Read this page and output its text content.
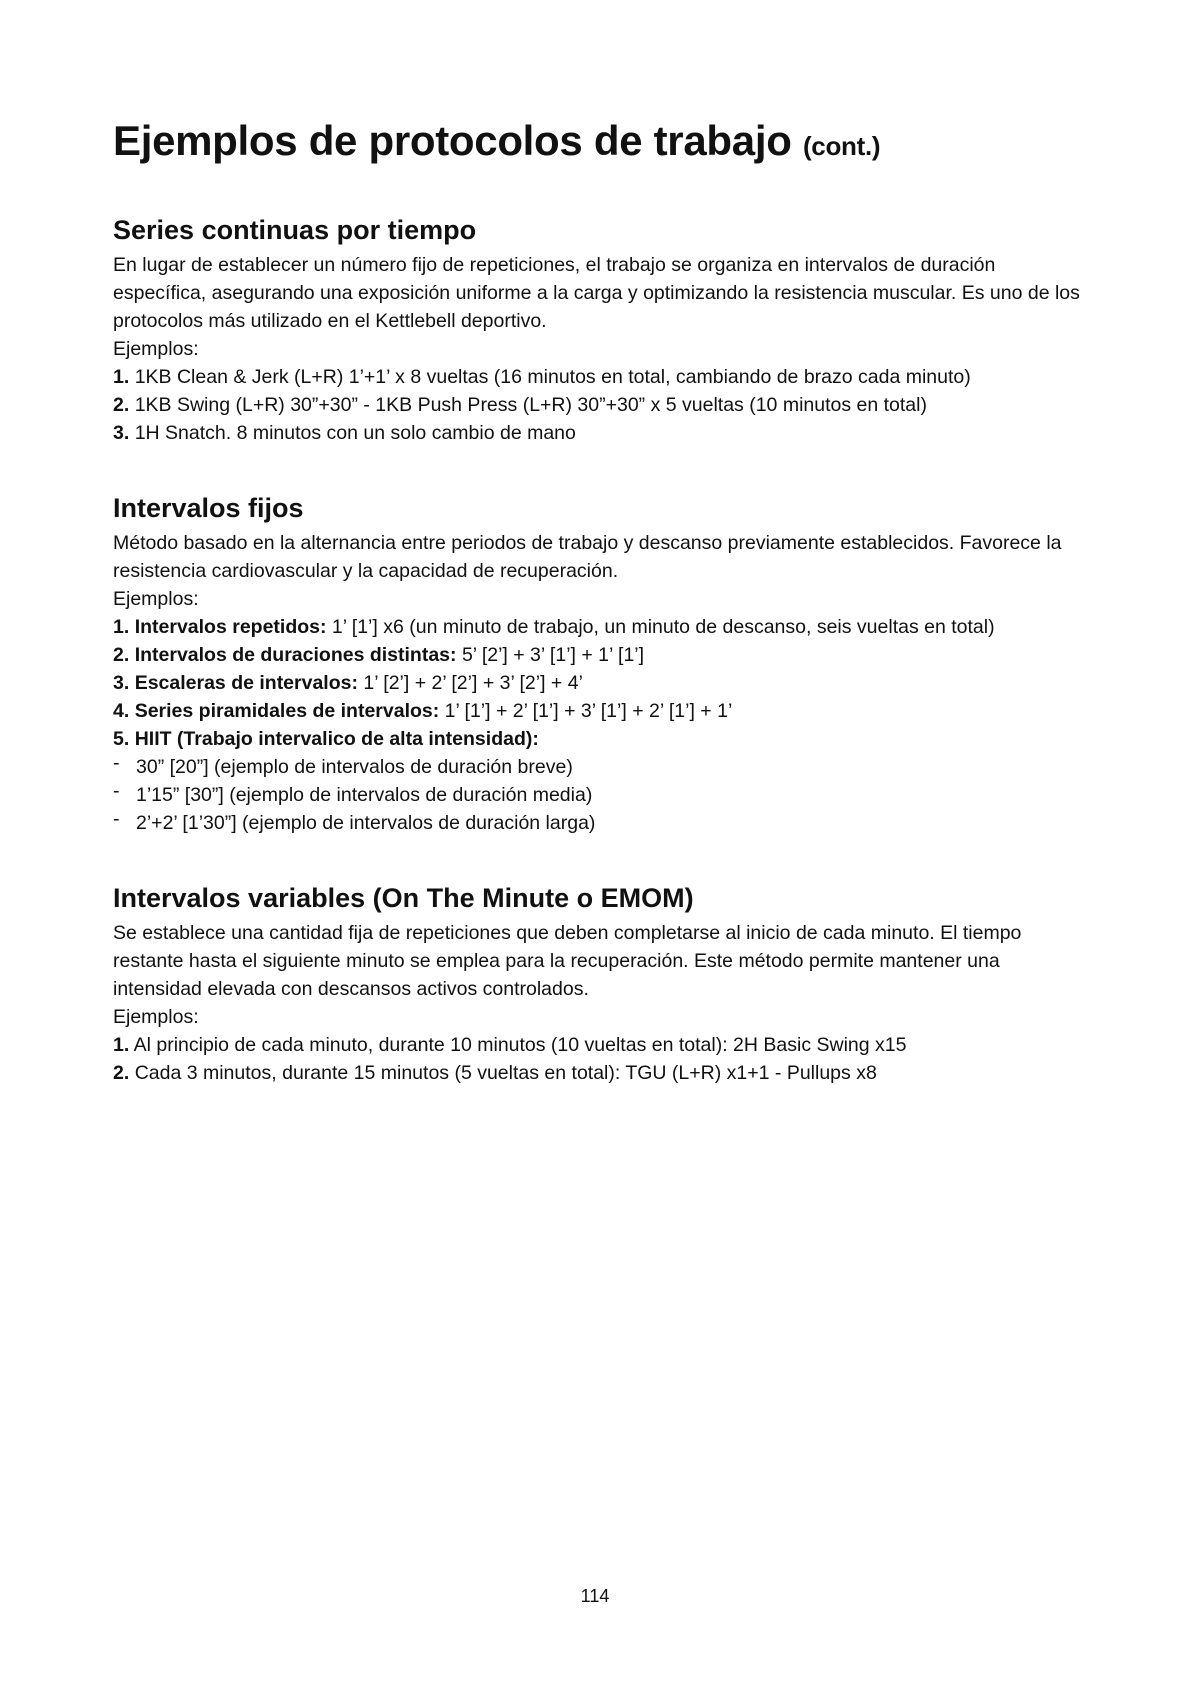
Ejemplos de protocolos de trabajo (cont.)
Series continuas por tiempo

En lugar de establecer un número fijo de repeticiones, el trabajo se organiza en intervalos de duración específica, asegurando una exposición uniforme a la carga y optimizando la resistencia muscular. Es uno de los protocolos más utilizado en el Kettlebell deportivo.

Ejemplos:

1. 1KB Clean & Jerk (L+R) 1’+1’ x 8 vueltas (16 minutos en total, cambiando de brazo cada minuto)
2. 1KB Swing (L+R) 30”+30” - 1KB Push Press (L+R) 30”+30” x 5 vueltas (10 minutos en total)
3. 1H Snatch. 8 minutos con un solo cambio de mano
Intervalos fijos

Método basado en la alternancia entre periodos de trabajo y descanso previamente establecidos. Favorece la resistencia cardiovascular y la capacidad de recuperación.

Ejemplos:

1. Intervalos repetidos: 1’ [1’] x6 (un minuto de trabajo, un minuto de descanso, seis vueltas en total)
2. Intervalos de duraciones distintas: 5’ [2’] + 3’ [1’] + 1’ [1’]
3. Escaleras de intervalos: 1’ [2’] + 2’ [2’] + 3’ [2’] + 4’
4. Series piramidales de intervalos: 1’ [1’] + 2’ [1’] + 3’ [1’] + 2’ [1’] + 1’
5. HIIT (Trabajo intervalico de alta intensidad):
- 30” [20”] (ejemplo de intervalos de duración breve)
- 1’15” [30”] (ejemplo de intervalos de duración media)
- 2’+2’ [1’30”] (ejemplo de intervalos de duración larga)
Intervalos variables (On The Minute o EMOM)

Se establece una cantidad fija de repeticiones que deben completarse al inicio de cada minuto. El tiempo restante hasta el siguiente minuto se emplea para la recuperación. Este método permite mantener una intensidad elevada con descansos activos controlados.

Ejemplos:

1. Al principio de cada minuto, durante 10 minutos (10 vueltas en total): 2H Basic Swing x15
2. Cada 3 minutos, durante 15 minutos (5 vueltas en total): TGU (L+R) x1+1 - Pullups x8
114
